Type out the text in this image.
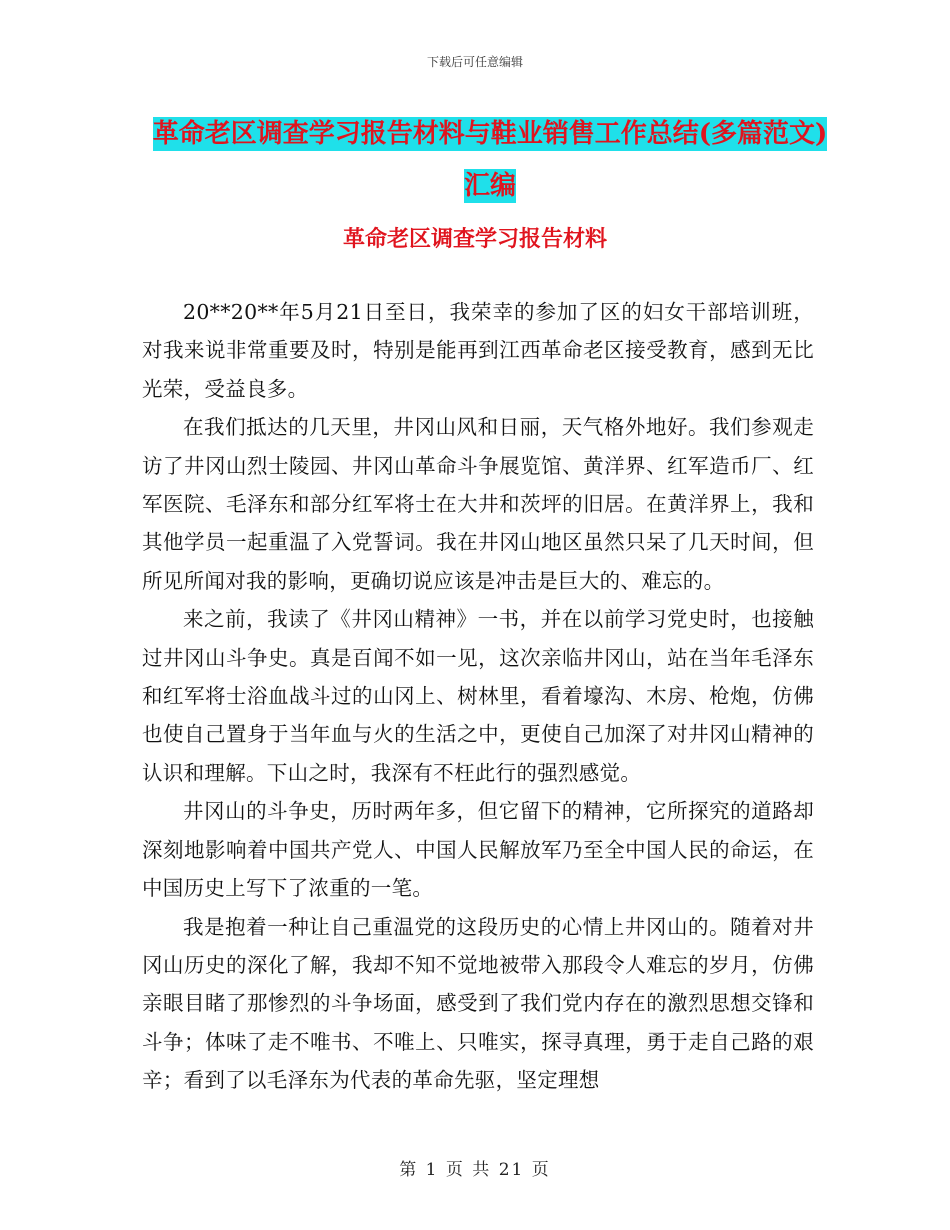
下载后可任意编辑
革命老区调查学习报告材料与鞋业销售工作总结(多篇范文)汇编
革命老区调查学习报告材料

20**20**年5月21日至日，我荣幸的参加了区的妇女干部培训班，对我来说非常重要及时，特别是能再到江西革命老区接受教育，感到无比光荣，受益良多。

在我们抵达的几天里，井冈山风和日丽，天气格外地好。我们参观走访了井冈山烈士陵园、井冈山革命斗争展览馆、黄洋界、红军造币厂、红军医院、毛泽东和部分红军将士在大井和茨坪的旧居。在黄洋界上，我和其他学员一起重温了入党誓词。我在井冈山地区虽然只呆了几天时间，但所见所闻对我的影响，更确切说应该是冲击是巨大的、难忘的。

来之前，我读了《井冈山精神》一书，并在以前学习党史时，也接触过井冈山斗争史。真是百闻不如一见，这次亲临井冈山，站在当年毛泽东和红军将士浴血战斗过的山冈上、树林里，看着壕沟、木房、枪炮，仿佛也使自己置身于当年血与火的生活之中，更使自己加深了对井冈山精神的认识和理解。下山之时，我深有不枉此行的强烈感觉。

井冈山的斗争史，历时两年多，但它留下的精神，它所探究的道路却深刻地影响着中国共产党人、中国人民解放军乃至全中国人民的命运，在中国历史上写下了浓重的一笔。

我是抱着一种让自己重温党的这段历史的心情上井冈山的。随着对井冈山历史的深化了解，我却不知不觉地被带入那段令人难忘的岁月，仿佛亲眼目睹了那惨烈的斗争场面，感受到了我们党内存在的激烈思想交锋和斗争；体味了走不唯书、不唯上、只唯实，探寻真理，勇于走自己路的艰辛；看到了以毛泽东为代表的革命先驱，坚定理想

第 1 页 共 21 页
